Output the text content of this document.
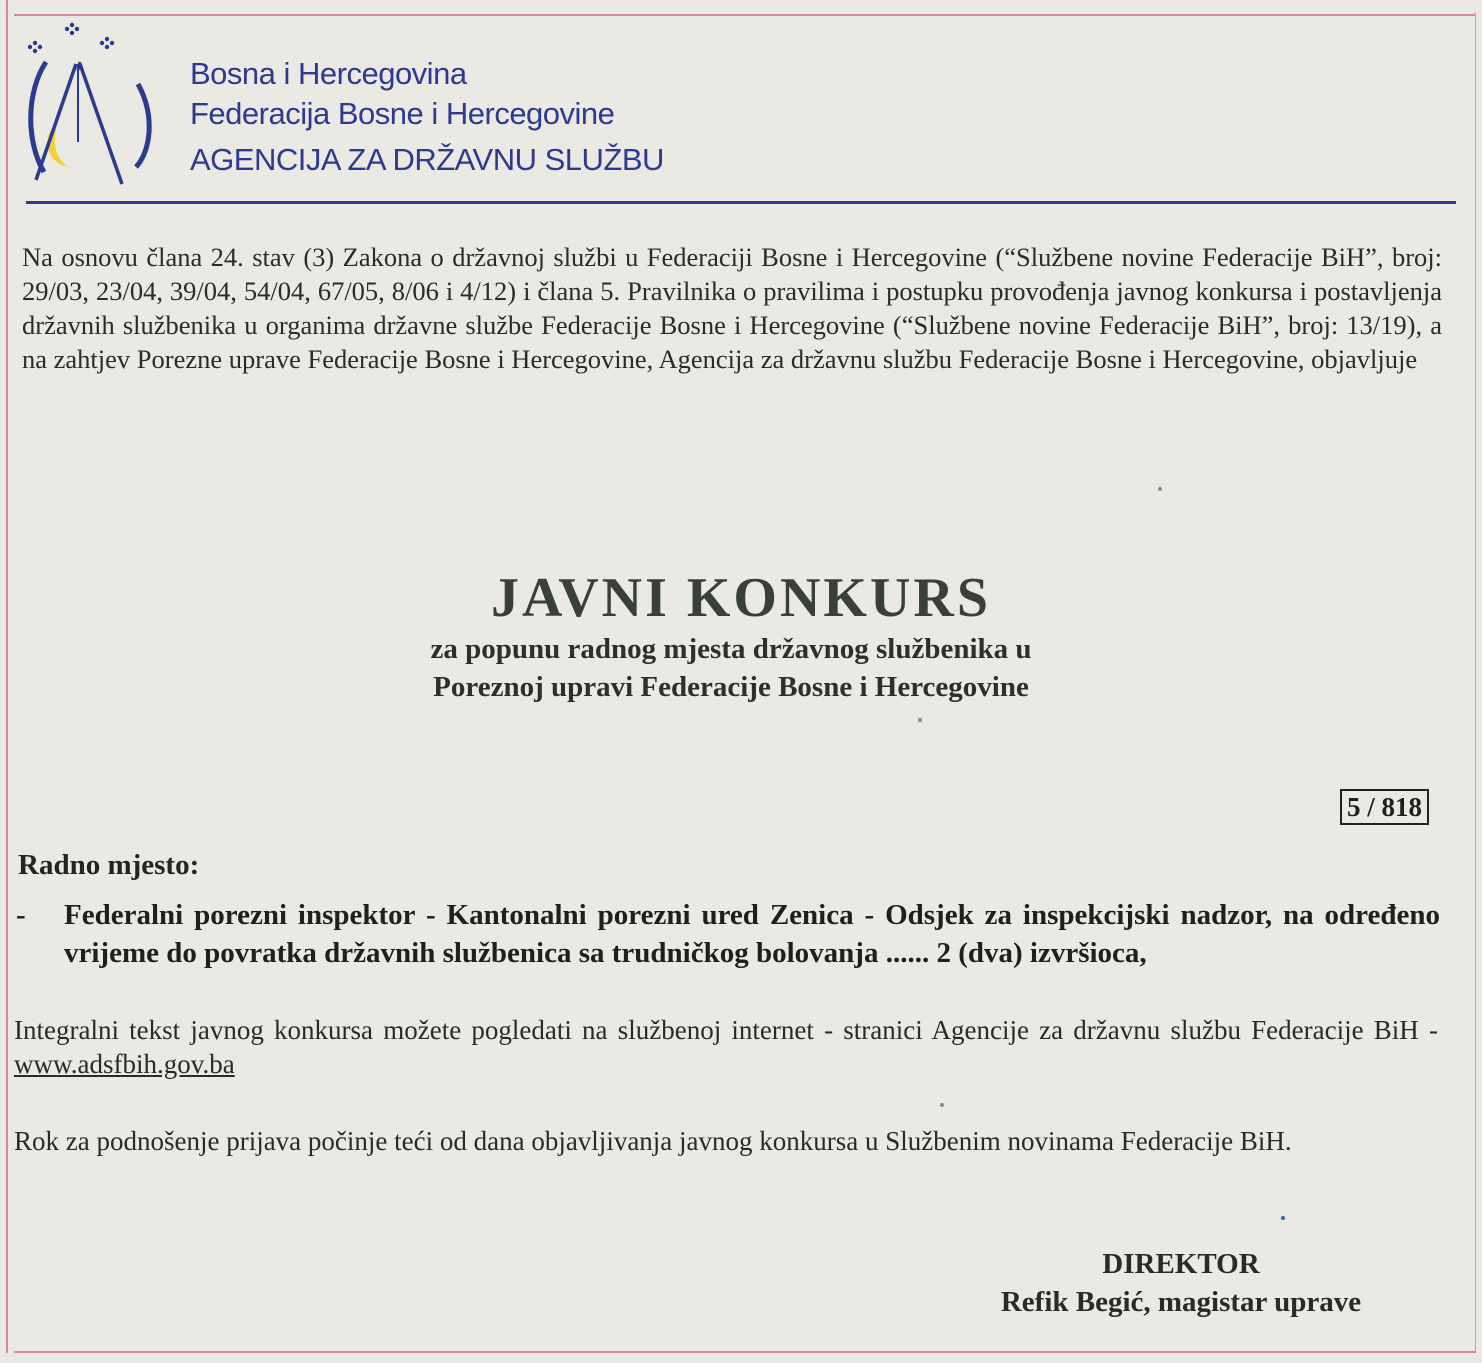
Bosna i Hercegovina
Federacija Bosne i Hercegovine
AGENCIJA ZA DRŽAVNU SLUŽBU
Na osnovu člana 24. stav (3) Zakona o državnoj službi u Federaciji Bosne i Hercegovine (“Službene novine Federacije BiH”, broj: 29/03, 23/04, 39/04, 54/04, 67/05, 8/06 i 4/12) i člana 5. Pravilnika o pravilima i postupku provođenja javnog konkursa i postavljenja državnih službenika u organima državne službe Federacije Bosne i Hercegovine (“Službene novine Federacije BiH”, broj: 13/19), a na zahtjev Porezne uprave Federacije Bosne i Hercegovine, Agencija za državnu službu Federacije Bosne i Hercegovine, objavljuje
JAVNI KONKURS
za popunu radnog mjesta državnog službenika u
Poreznoj upravi Federacije Bosne i Hercegovine
5 / 818
Radno mjesto:
-	Federalni porezni inspektor - Kantonalni porezni ured Zenica - Odsjek za inspekcijski nadzor, na određeno vrijeme do povratka državnih službenica sa trudničkog bolovanja ...... 2 (dva) izvršioca,
Integralni tekst javnog konkursa možete pogledati na službenoj internet - stranici Agencije za državnu službu Federacije BiH - www.adsfbih.gov.ba
Rok za podnošenje prijava počinje teći od dana objavljivanja javnog konkursa u Službenim novinama Federacije BiH.
DIREKTOR
Refik Begić, magistar uprave
